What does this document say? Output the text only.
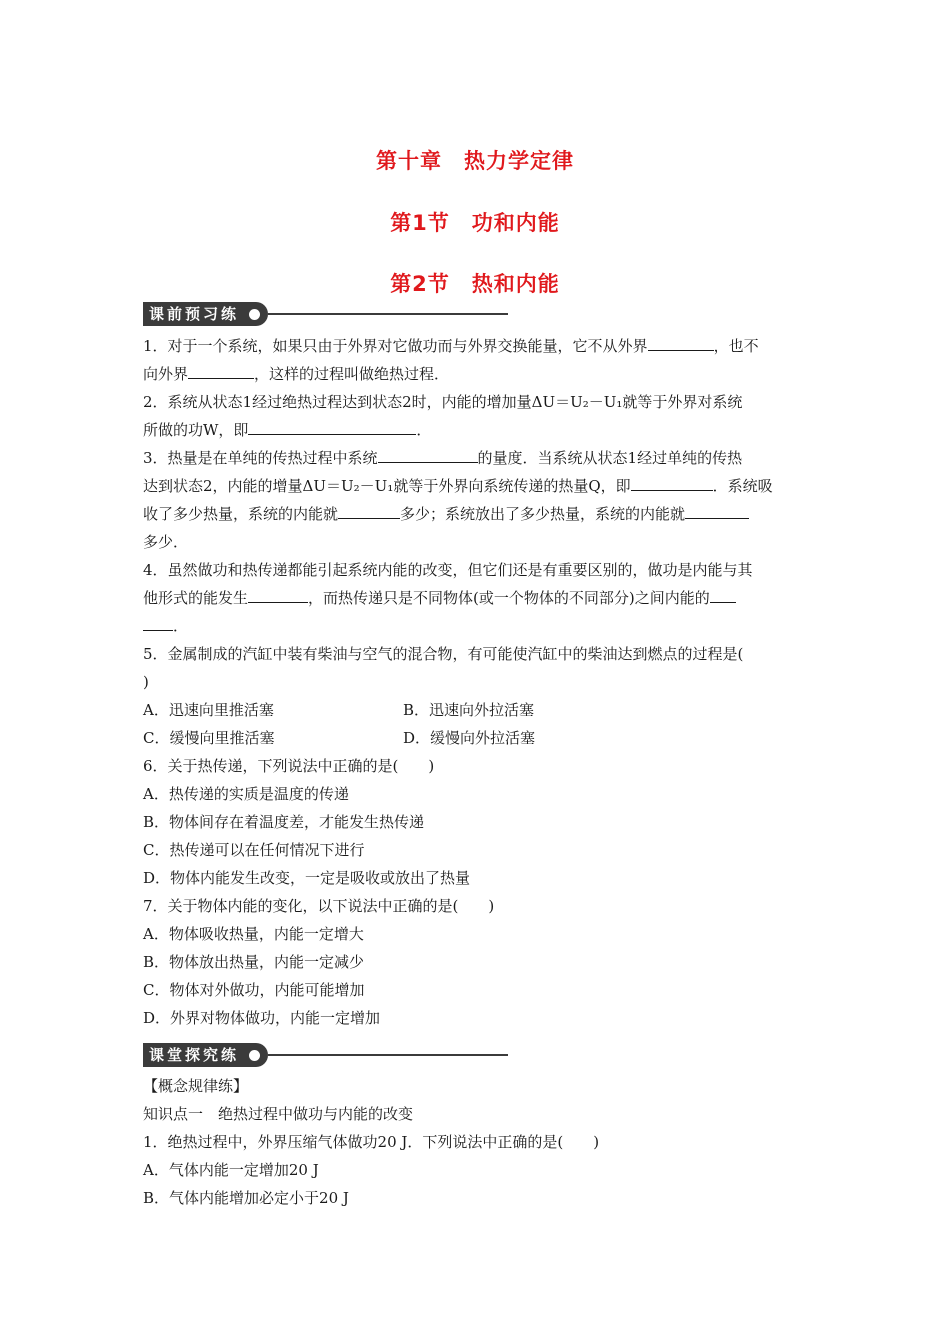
第十章　热力学定律
第1节　功和内能
第2节　热和内能
课前预习练
1．对于一个系统，如果只由于外界对它做功而与外界交换能量，它不从外界	，也不
向外界	，这样的过程叫做绝热过程．
2．系统从状态1经过绝热过程达到状态2时，内能的增加量ΔU＝U₂－U₁就等于外界对系统
所做的功W，即	．
3．热量是在单纯的传热过程中系统	的量度．当系统从状态1经过单纯的传热
达到状态2，内能的增量ΔU＝U₂－U₁就等于外界向系统传递的热量Q，即	．系统吸
收了多少热量，系统的内能就	多少；系统放出了多少热量，系统的内能就
多少．
4．虽然做功和热传递都能引起系统内能的改变，但它们还是有重要区别的，做功是内能与其
他形式的能发生	，而热传递只是不同物体(或一个物体的不同部分)之间内能的
．
5．金属制成的汽缸中装有柴油与空气的混合物，有可能使汽缸中的柴油达到燃点的过程是(
)
A．迅速向里推活塞	B．迅速向外拉活塞
C．缓慢向里推活塞	D．缓慢向外拉活塞
6．关于热传递，下列说法中正确的是(　　)
A．热传递的实质是温度的传递
B．物体间存在着温度差，才能发生热传递
C．热传递可以在任何情况下进行
D．物体内能发生改变，一定是吸收或放出了热量
7．关于物体内能的变化，以下说法中正确的是(　　)
A．物体吸收热量，内能一定增大
B．物体放出热量，内能一定减少
C．物体对外做功，内能可能增加
D．外界对物体做功，内能一定增加
课堂探究练
【概念规律练】
知识点一　绝热过程中做功与内能的改变
1．绝热过程中，外界压缩气体做功20 J．下列说法中正确的是(　　)
A．气体内能一定增加20 J
B．气体内能增加必定小于20 J
